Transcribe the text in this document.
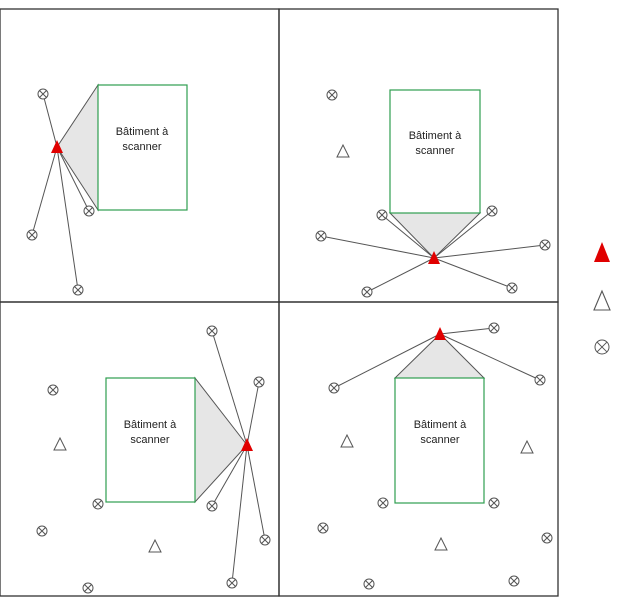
Bâtiment à scanner
Bâtiment à scanner
Bâtiment à scanner
Bâtiment à scanner
